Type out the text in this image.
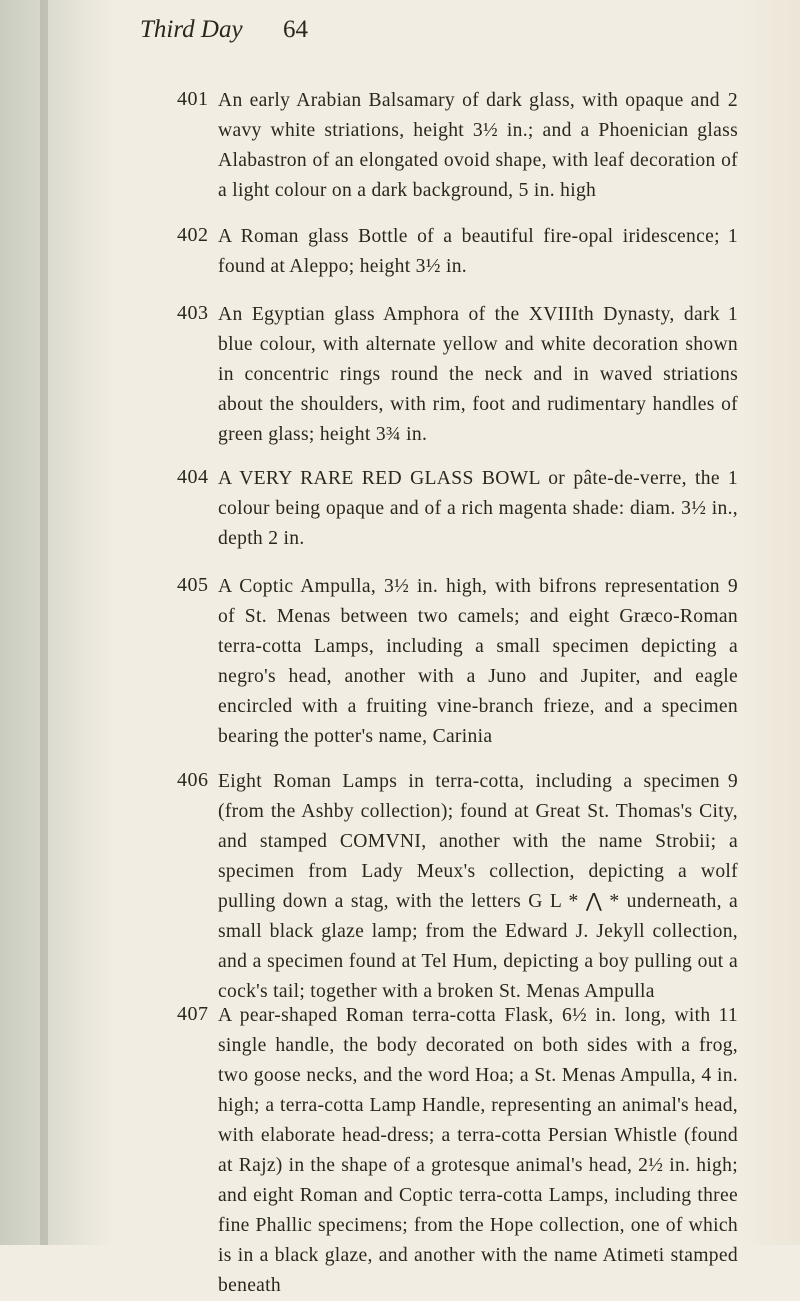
Third Day 64
401	2
An early Arabian Balsamary of dark glass, with opaque and wavy white striations, height 3½ in.; and a Phoenician glass Alabastron of an elongated ovoid shape, with leaf decoration of a light colour on a dark background, 5 in. high
402	1
A Roman glass Bottle of a beautiful fire-opal iridescence; found at Aleppo; height 3½ in.
403	1
An Egyptian glass Amphora of the XVIIIth Dynasty, dark blue colour, with alternate yellow and white decoration shown in concentric rings round the neck and in waved striations about the shoulders, with rim, foot and rudimentary handles of green glass; height 3¾ in.
404	1
A VERY RARE RED GLASS BOWL or pâte-de-verre, the colour being opaque and of a rich magenta shade: diam. 3½ in., depth 2 in.
405	9
A Coptic Ampulla, 3½ in. high, with bifrons representation of St. Menas between two camels; and eight Græco-Roman terra-cotta Lamps, including a small specimen depicting a negro's head, another with a Juno and Jupiter, and eagle encircled with a fruiting vine-branch frieze, and a specimen bearing the potter's name, Carinia
406	9
Eight Roman Lamps in terra-cotta, including a specimen (from the Ashby collection); found at Great St. Thomas's City, and stamped COMVNI, another with the name Strobii; a specimen from Lady Meux's collection, depicting a wolf pulling down a stag, with the letters G L * ⋀ * underneath, a small black glaze lamp; from the Edward J. Jekyll collection, and a specimen found at Tel Hum, depicting a boy pulling out a cock's tail; together with a broken St. Menas Ampulla
407	11
A pear-shaped Roman terra-cotta Flask, 6½ in. long, with single handle, the body decorated on both sides with a frog, two goose necks, and the word Hoa; a St. Menas Ampulla, 4 in. high; a terra-cotta Lamp Handle, representing an animal's head, with elaborate head-dress; a terra-cotta Persian Whistle (found at Rajz) in the shape of a grotesque animal's head, 2½ in. high; and eight Roman and Coptic terra-cotta Lamps, including three fine Phallic specimens; from the Hope collection, one of which is in a black glaze, and another with the name Atimeti stamped beneath
